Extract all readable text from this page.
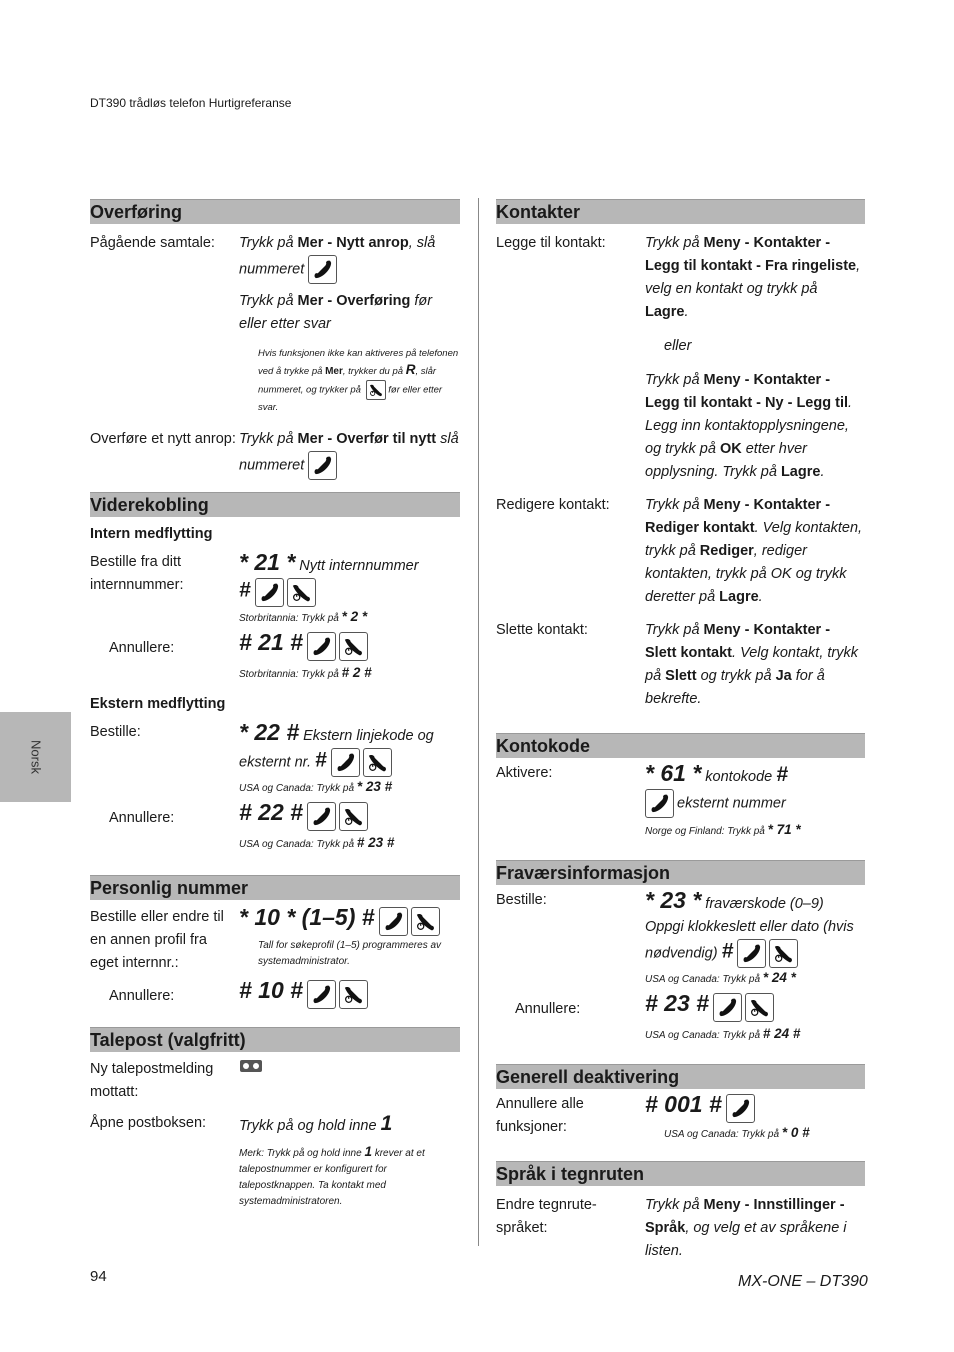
DT390 trådløs telefon Hurtigreferanse
Norsk
Overføring
Pågående samtale:	Trykk på Mer - Nytt anrop, slå nummeret
Trykk på Mer - Overføring før eller etter svar
Hvis funksjonen ikke kan aktiveres på telefonen ved å trykke på Mer, trykker du på R, slår nummeret, og trykker på	før eller etter svar.
Overføre et nytt anrop: Trykk på Mer - Overfør til nytt slå nummeret
Viderekobling
Intern medflytting
Bestille fra ditt internnummer:
* 21 * Nytt internnummer
#
Storbritannia: Trykk på * 2 *
Annullere:	# 21 #
Storbritannia: Trykk på # 2 #
Ekstern medflytting
Bestille:	* 22 # Ekstern linjekode og eksternt nr. #
USA og Canada: Trykk på * 23 #
Annullere:	# 22 #
USA og Canada: Trykk på # 23 #
Personlig nummer
Bestille eller endre til en annen profil fra eget internnr.:
* 10 * (1–5) #
Tall for søkeprofil (1–5) programmeres av systemadministrator.
Annullere:	# 10 #
Talepost (valgfritt)
Ny talepostmelding mottatt:
Åpne postboksen:	Trykk på og hold inne 1
Merk: Trykk på og hold inne 1 krever at et talepostnummer er konfigurert for talepostknappen. Ta kontakt med systemadministratoren.
Kontakter
Legge til kontakt:	Trykk på Meny - Kontakter - Legg til kontakt - Fra ringeliste, velg en kontakt og trykk på Lagre.
eller
Trykk på Meny - Kontakter - Legg til kontakt - Ny - Legg til. Legg inn kontaktopplysningene, og trykk på OK etter hver opplysning. Trykk på Lagre.
Redigere kontakt:	Trykk på Meny - Kontakter - Rediger kontakt. Velg kontakten, trykk på Rediger, rediger kontakten, trykk på OK og trykk deretter på Lagre.
Slette kontakt:	Trykk på Meny - Kontakter - Slett kontakt. Velg kontakt, trykk på Slett og trykk på Ja for å bekrefte.
Kontokode
Aktivere:	* 61 * kontokode #

eksternt nummer
Norge og Finland: Trykk på * 71 *
Fraværsinformasjon
Bestille:	* 23 * fraværskode (0–9) Oppgi klokkeslett eller dato (hvis nødvendig) #
USA og Canada: Trykk på * 24 *
Annullere:	# 23 #
USA og Canada: Trykk på # 24 #
Generell deaktivering
Annullere alle funksjoner:
# 001 #
USA og Canada: Trykk på * 0 #
Språk i tegnruten
Endre tegnrute-språket:
Trykk på Meny - Innstillinger - Språk, og velg et av språkene i listen.
94	MX-ONE – DT390
